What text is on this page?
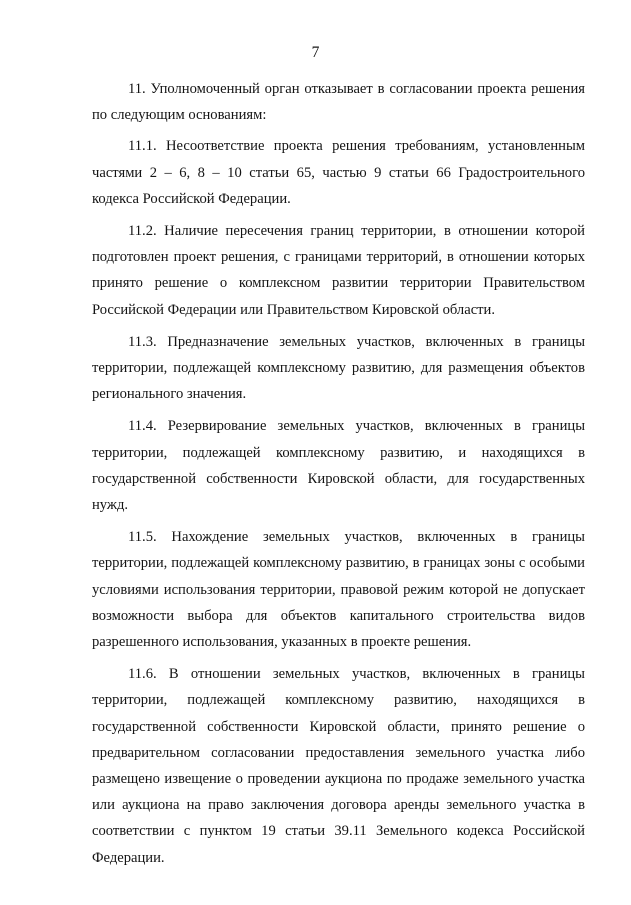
7

11. Уполномоченный орган отказывает в согласовании проекта решения по следующим основаниям:

11.1. Несоответствие проекта решения требованиям, установленным частями 2 – 6, 8 – 10 статьи 65, частью 9 статьи 66 Градостроительного кодекса Российской Федерации.

11.2. Наличие пересечения границ территории, в отношении которой подготовлен проект решения, с границами территорий, в отношении которых принято решение о комплексном развитии территории Правительством Российской Федерации или Правительством Кировской области.

11.3. Предназначение земельных участков, включенных в границы территории, подлежащей комплексному развитию, для размещения объектов регионального значения.

11.4. Резервирование земельных участков, включенных в границы территории, подлежащей комплексному развитию, и находящихся в государственной собственности Кировской области, для государственных нужд.

11.5. Нахождение земельных участков, включенных в границы территории, подлежащей комплексному развитию, в границах зоны с особыми условиями использования территории, правовой режим которой не допускает возможности выбора для объектов капитального строительства видов разрешенного использования, указанных в проекте решения.

11.6. В отношении земельных участков, включенных в границы территории, подлежащей комплексному развитию, находящихся в государственной собственности Кировской области, принято решение о предварительном согласовании предоставления земельного участка либо размещено извещение о проведении аукциона по продаже земельного участка или аукциона на право заключения договора аренды земельного участка в соответствии с пунктом 19 статьи 39.11 Земельного кодекса Российской Федерации.
